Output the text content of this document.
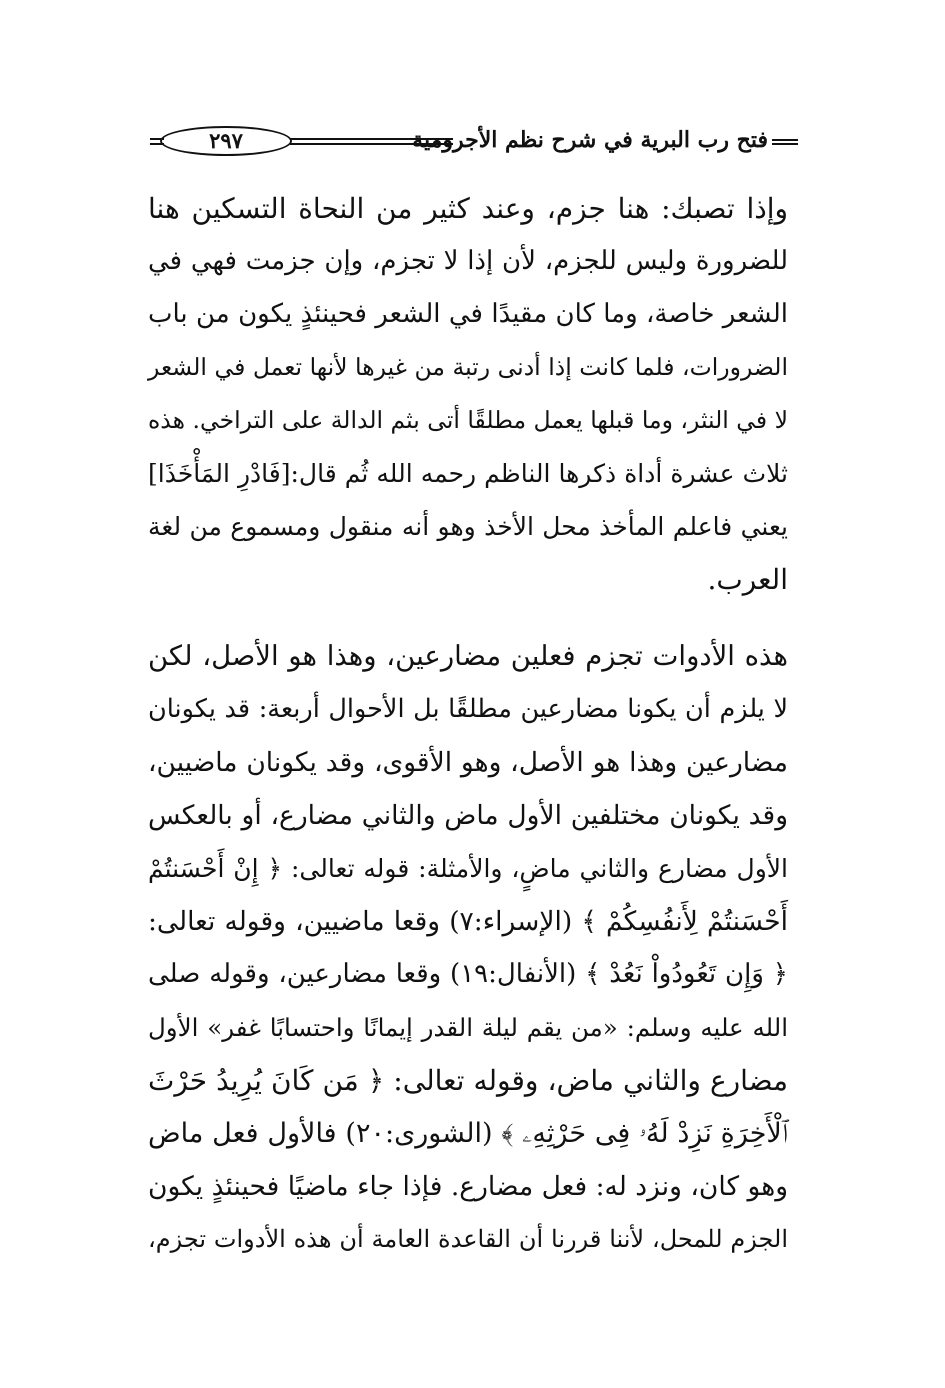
فتح رب البرية في شرح نظم الأجرومية
٢٩٧
وإذا تصبك: هنا جزم، وعند كثير من النحاة التسكين هنا
للضرورة وليس للجزم، لأن إذا لا تجزم، وإن جزمت فهي في
الشعر خاصة، وما كان مقيدًا في الشعر فحينئذٍ يكون من باب
الضرورات، فلما كانت إذا أدنى رتبة من غيرها لأنها تعمل في الشعر
لا في النثر، وما قبلها يعمل مطلقًا أتى بثم الدالة على التراخي. هذه
ثلاث عشرة أداة ذكرها الناظم رحمه الله ثُم قال:[فَادْرِ المَأْخَذَا]
يعني فاعلم المأخذ محل الأخذ وهو أنه منقول ومسموع من لغة
العرب.
هذه الأدوات تجزم فعلين مضارعين، وهذا هو الأصل، لكن
لا يلزم أن يكونا مضارعين مطلقًا بل الأحوال أربعة: قد يكونان
مضارعين وهذا هو الأصل، وهو الأقوى، وقد يكونان ماضيين،
وقد يكونان مختلفين الأول ماض والثاني مضارع، أو بالعكس
الأول مضارع والثاني ماضٍ، والأمثلة: قوله تعالى: ﴿ إِنْ أَحْسَنتُمْ
أَحْسَنتُمْ لِأَنفُسِكُمْ ﴾ (الإسراء:٧) وقعا ماضيين، وقوله تعالى:
﴿ وَإِن تَعُودُواْ نَعُدْ ﴾ (الأنفال:١٩) وقعا مضارعين، وقوله صلى
الله عليه وسلم: «من يقم ليلة القدر إيمانًا واحتسابًا غفر» الأول
مضارع والثاني ماض، وقوله تعالى: ﴿ مَن كَانَ يُرِيدُ حَرْثَ
ٱلْأَخِرَةِ نَزِدْ لَهُۥ فِى حَرْثِهِۦ ﴾ (الشورى:٢٠) فالأول فعل ماض
وهو كان، ونزد له: فعل مضارع. فإذا جاء ماضيًا فحينئذٍ يكون
الجزم للمحل، لأننا قررنا أن القاعدة العامة أن هذه الأدوات تجزم،
